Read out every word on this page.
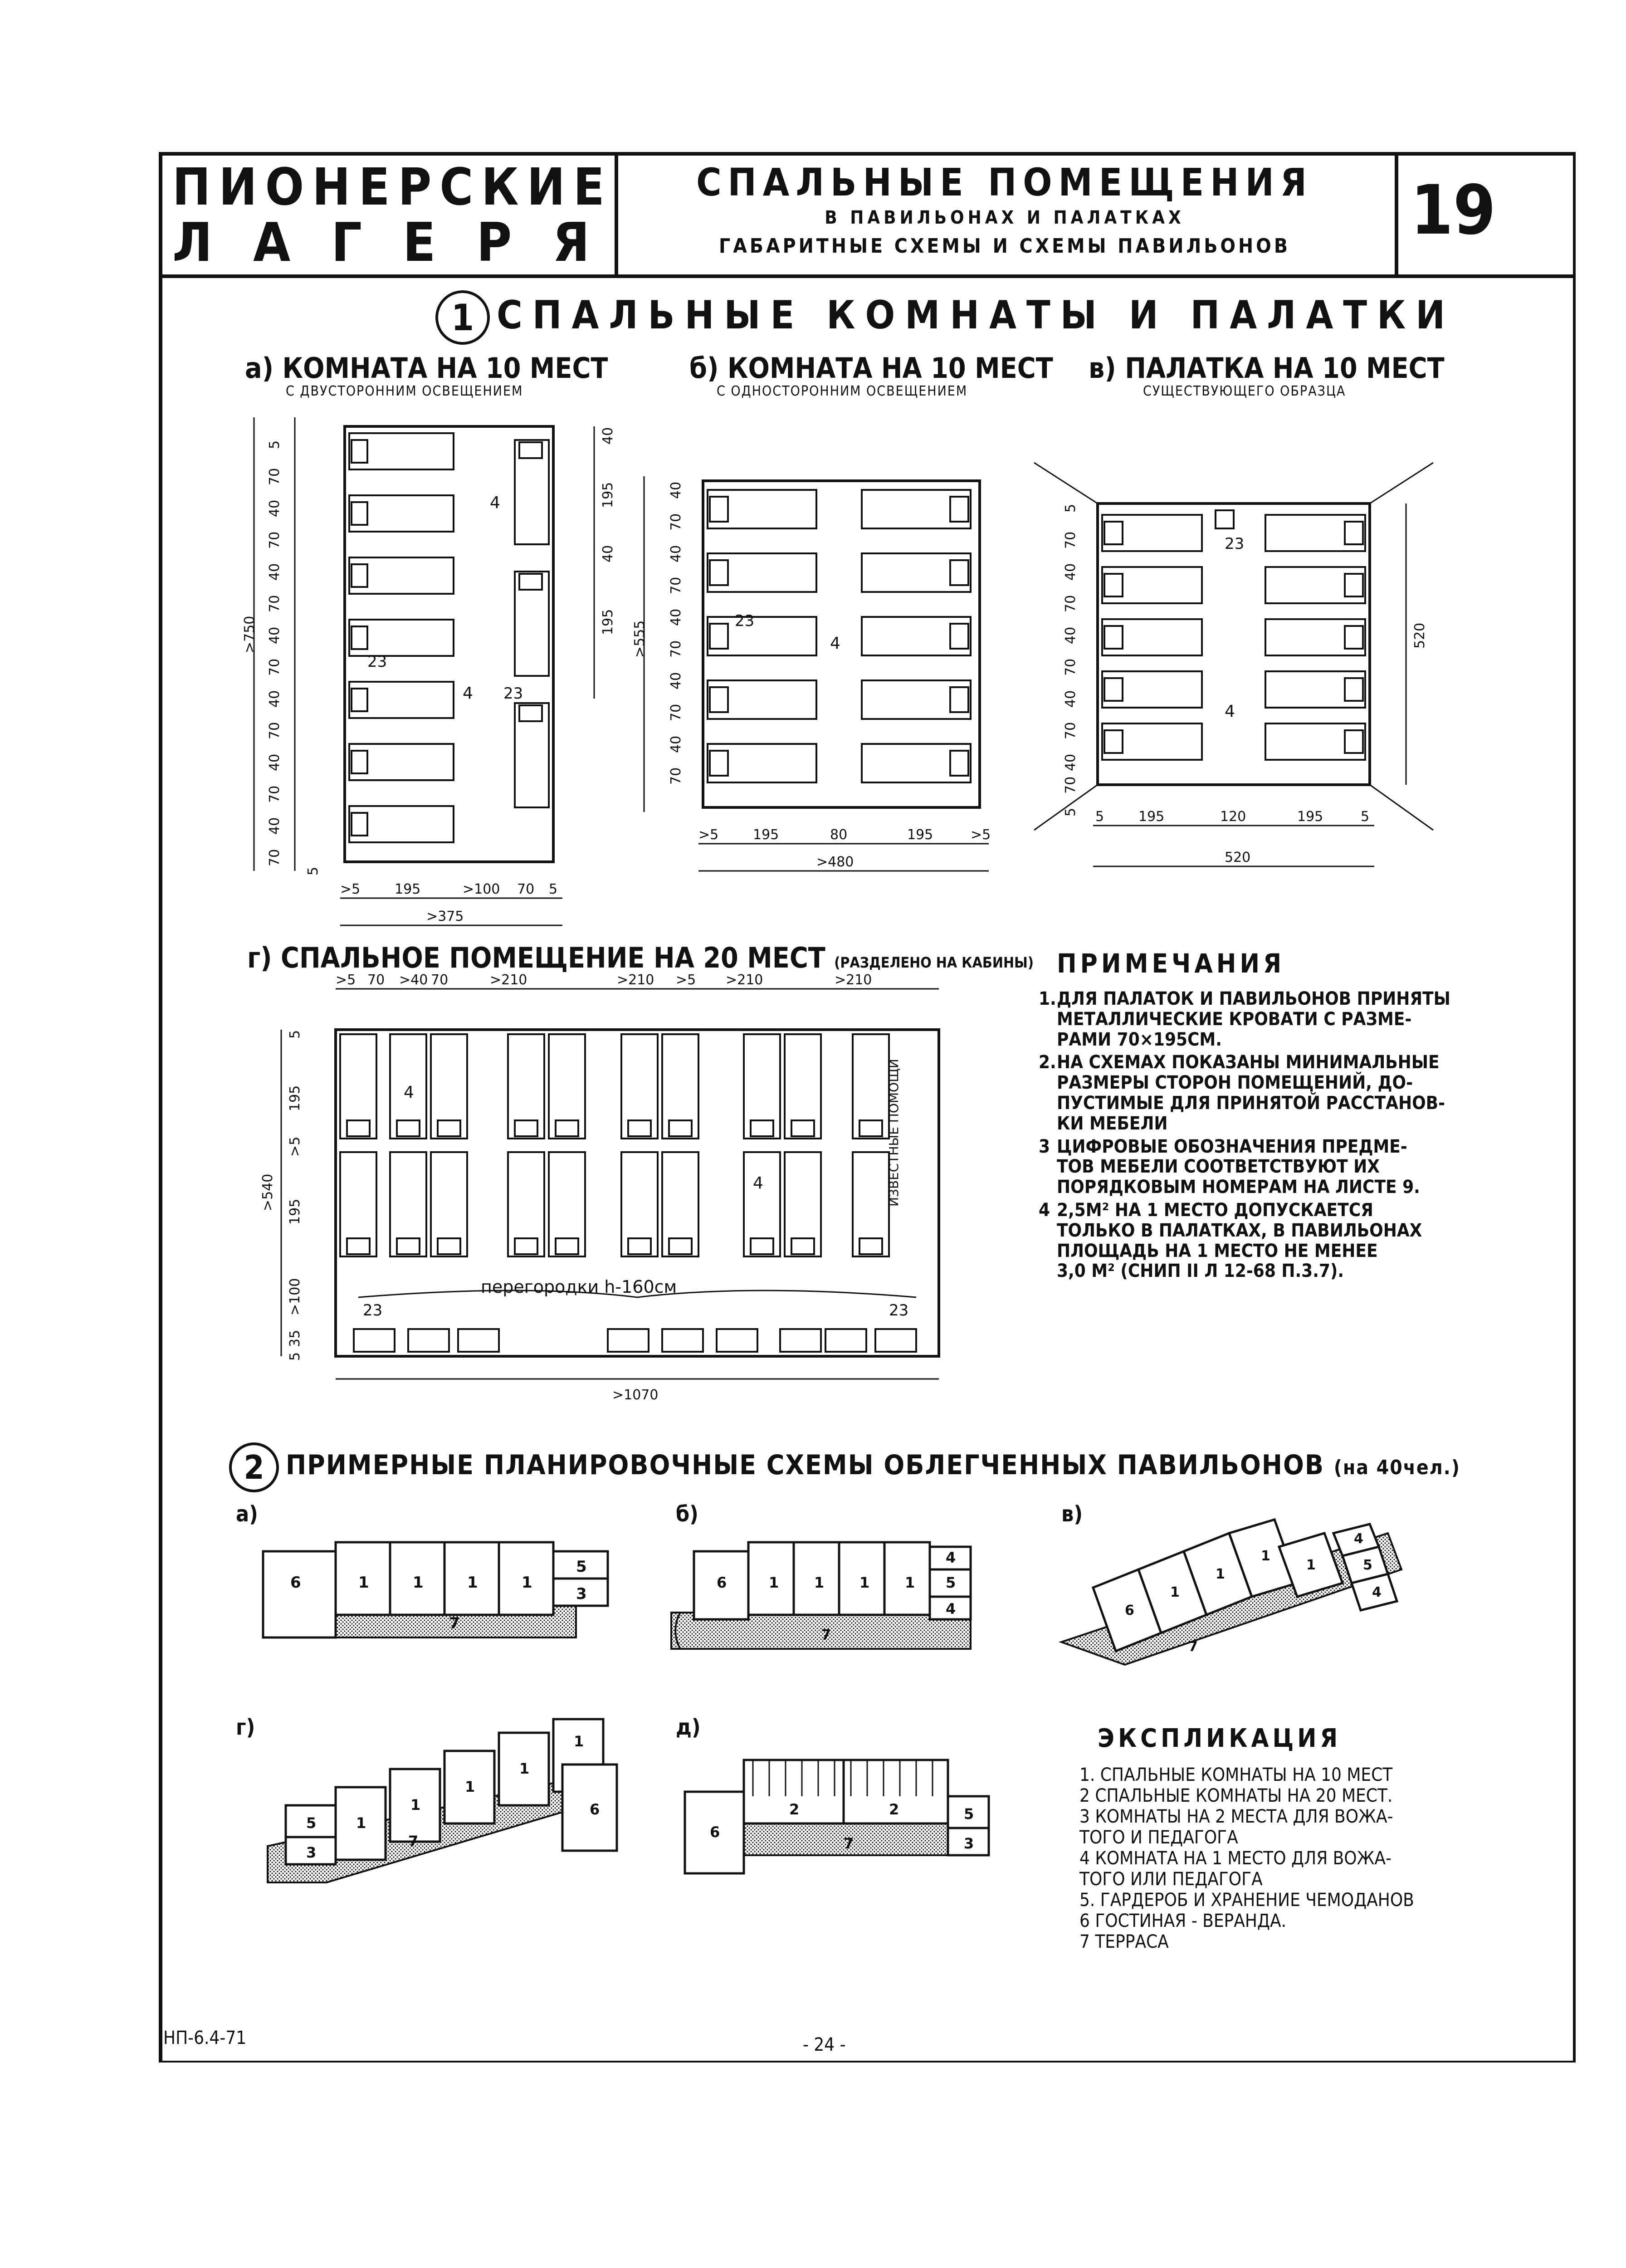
ПИОНЕРСКИЕ
ЛАГЕРЯ
СПАЛЬНЫЕ ПОМЕЩЕНИЯ
В ПАВИЛЬОНАХ И ПАЛАТКАХ
ГАБАРИТНЫЕ СХЕМЫ И СХЕМЫ ПАВИЛЬОНОВ	19
1 СПАЛЬНЫЕ КОМНАТЫ И ПАЛАТКИ
а) КОМНАТА НА 10 МЕСТ
С ДВУСТОРОННИМ ОСВЕЩЕНИЕМ
б) КОМНАТА НА 10 МЕСТ
С ОДНОСТОРОННИМ ОСВЕЩЕНИЕМ
в) ПАЛАТКА НА 10 МЕСТ
СУЩЕСТВУЮЩЕГО ОБРАЗЦА
>750
5
70
40
70
40
70
40
70
40
70
40
70
40
70
5
40
195
40
195
>5	195	>100 70 5
>375
4
4
23
23
>555
40
70
40
70
40
70
40
70
40
70
>5	195	80	195	>5
>480
4
23
5
70
40
70
40
70
40
70
40
70
5
520
5	195	120	195	5
520
4
23
г) СПАЛЬНОЕ ПОМЕЩЕНИЕ НА 20 МЕСТ (РАЗДЕЛЕНО НА КАБИНЫ)
>5 70 >40 70	>210	>210 >5 >210	>210
5
195
>5
195
>100
35
5
>540
>1070
перегородки h-160см
ИЗВЕСТНЫЕ ПОМОЩИ
4
4
23	23
ПРИМЕЧАНИЯ
1. ДЛЯ ПАЛАТОК И ПАВИЛЬОНОВ ПРИНЯТЫ
МЕТАЛЛИЧЕСКИЕ КРОВАТИ С РАЗМЕ-
РАМИ 70×195СМ.
2. НА СХЕМАХ ПОКАЗАНЫ МИНИМАЛЬНЫЕ
РАЗМЕРЫ СТОРОН ПОМЕЩЕНИЙ, ДО-
ПУСТИМЫЕ ДЛЯ ПРИНЯТОЙ РАССТАНОВ-
КИ МЕБЕЛИ
3 ЦИФРОВЫЕ ОБОЗНАЧЕНИЯ ПРЕДМЕ-
ТОВ МЕБЕЛИ СООТВЕТСТВУЮТ ИХ
ПОРЯДКОВЫМ НОМЕРАМ НА ЛИСТЕ 9.
4 2,5М² НА 1 МЕСТО ДОПУСКАЕТСЯ
ТОЛЬКО В ПАЛАТКАХ, В ПАВИЛЬОНАХ
ПЛОЩАДЬ НА 1 МЕСТО НЕ МЕНЕЕ
3,0 М² (СНИП II Л 12-68 П.3.7).
2 ПРИМЕРНЫЕ ПЛАНИРОВОЧНЫЕ СХЕМЫ ОБЛЕГЧЕННЫХ ПАВИЛЬОНОВ (на 40чел.)
а)	б)	в)
г)	д)
6	1	1	1	1
5
3
7
6	1 1 1 1
4
5
4
7
6
1
1
1
1
4
5
4
7
5
3
1
1
1
1
1
6
7
6
2	2
7
5
3
ЭКСПЛИКАЦИЯ
1. СПАЛЬНЫЕ КОМНАТЫ НА 10 МЕСТ
2 СПАЛЬНЫЕ КОМНАТЫ НА 20 МЕСТ.
3 КОМНАТЫ НА 2 МЕСТА ДЛЯ ВОЖА-
ТОГО И ПЕДАГОГА
4 КОМНАТА НА 1 МЕСТО ДЛЯ ВОЖА-
ТОГО ИЛИ ПЕДАГОГА
5. ГАРДЕРОБ И ХРАНЕНИЕ ЧЕМОДАНОВ
6 ГОСТИНАЯ - ВЕРАНДА.
7 ТЕРРАСА
НП-6.4-71	- 24 -
